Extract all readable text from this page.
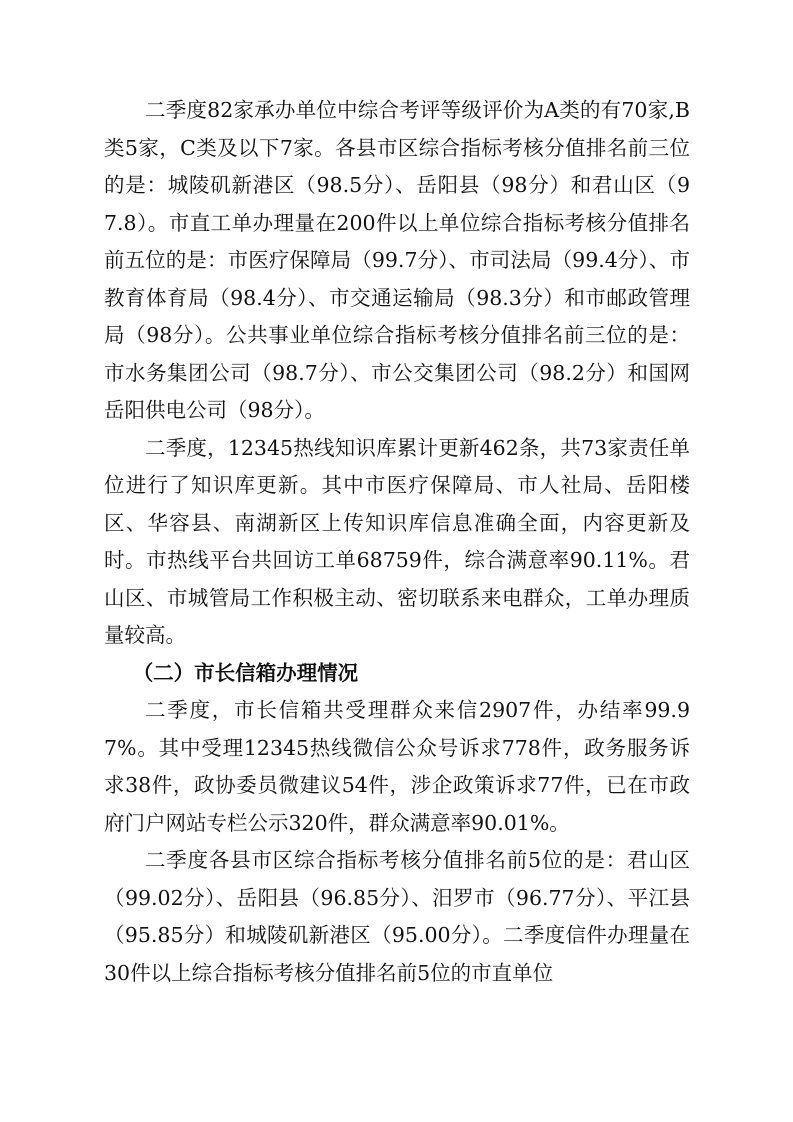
二季度82家承办单位中综合考评等级评价为A类的有70家,B类5家，C类及以下7家。各县市区综合指标考核分值排名前三位的是：城陵矶新港区（98.5分）、岳阳县（98分）和君山区（97.8）。市直工单办理量在200件以上单位综合指标考核分值排名前五位的是：市医疗保障局（99.7分）、市司法局（99.4分）、市教育体育局（98.4分）、市交通运输局（98.3分）和市邮政管理局（98分）。公共事业单位综合指标考核分值排名前三位的是：市水务集团公司（98.7分）、市公交集团公司（98.2分）和国网岳阳供电公司（98分）。

二季度，12345热线知识库累计更新462条，共73家责任单位进行了知识库更新。其中市医疗保障局、市人社局、岳阳楼区、华容县、南湖新区上传知识库信息准确全面，内容更新及时。市热线平台共回访工单68759件，综合满意率90.11%。君山区、市城管局工作积极主动、密切联系来电群众，工单办理质量较高。

（二）市长信箱办理情况

二季度，市长信箱共受理群众来信2907件，办结率99.97%。其中受理12345热线微信公众号诉求778件，政务服务诉求38件，政协委员微建议54件，涉企政策诉求77件，已在市政府门户网站专栏公示320件，群众满意率90.01%。

二季度各县市区综合指标考核分值排名前5位的是：君山区（99.02分）、岳阳县（96.85分）、汨罗市（96.77分）、平江县（95.85分）和城陵矶新港区（95.00分）。二季度信件办理量在30件以上综合指标考核分值排名前5位的市直单位
